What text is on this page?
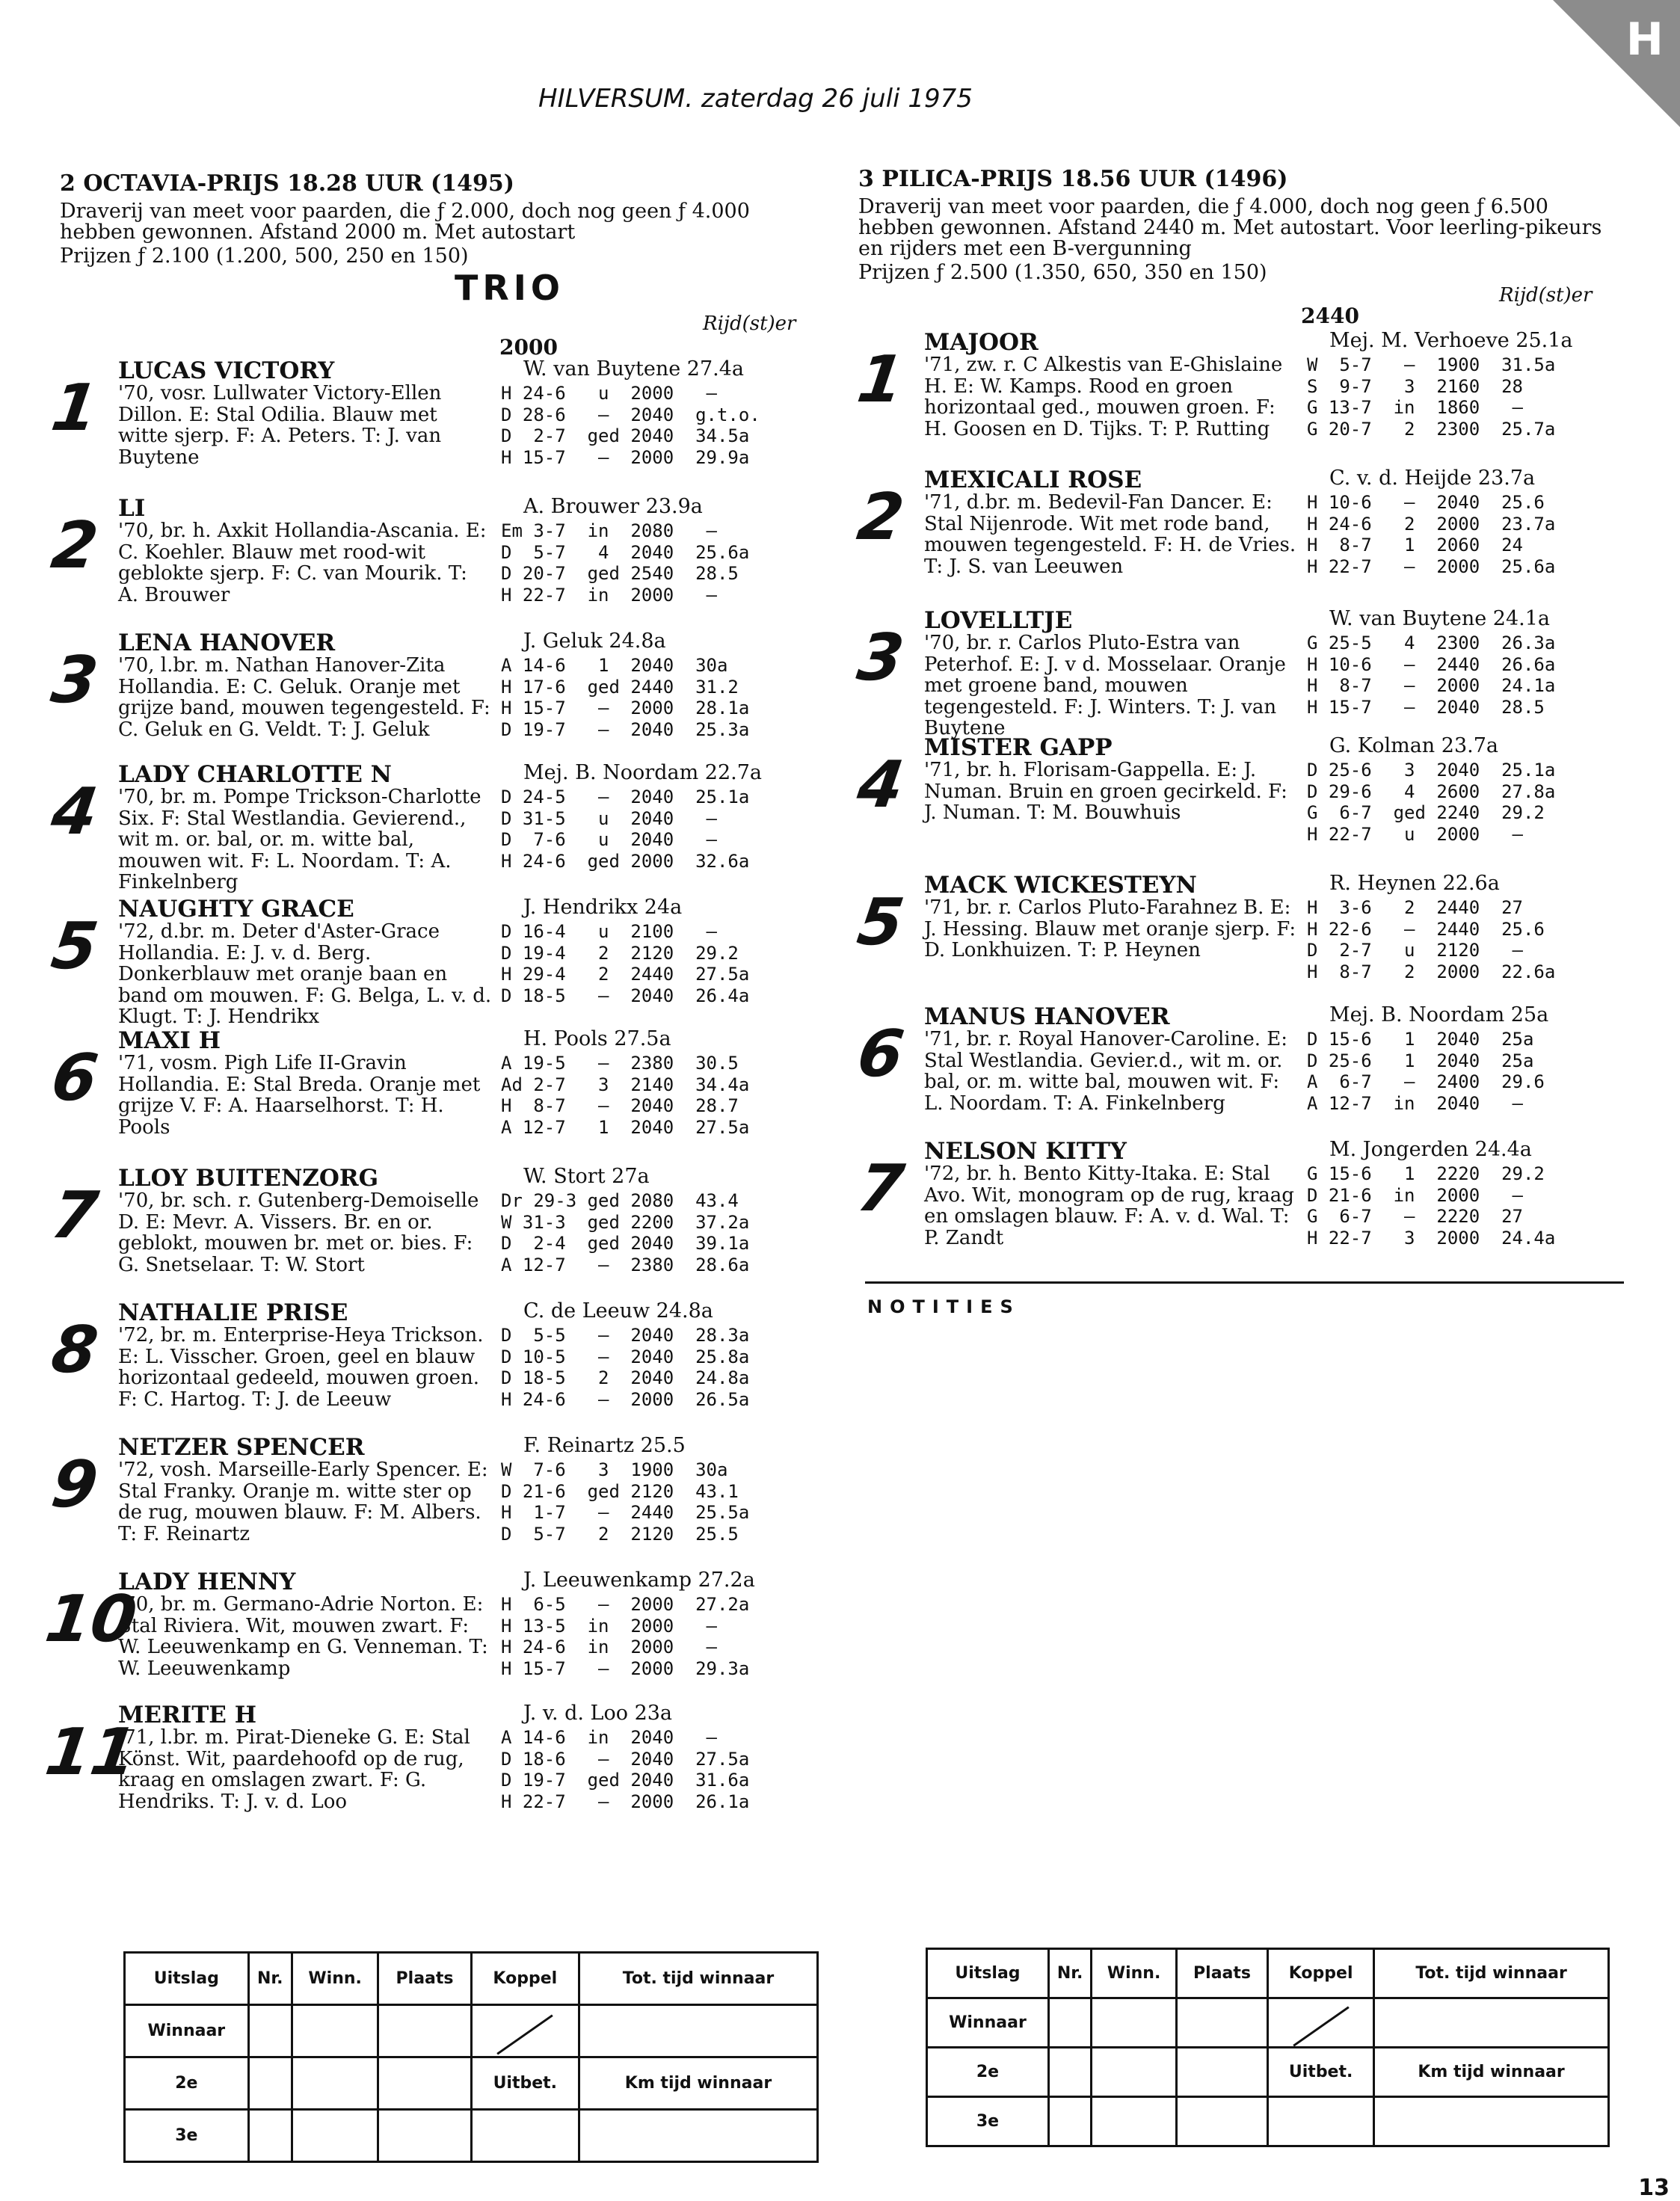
H
HILVERSUM. zaterdag 26 juli 1975
2 OCTAVIA-PRIJS 18.28 UUR (1495)
Draverij van meet voor paarden, die ƒ 2.000, doch nog geen ƒ 4.000 hebben gewonnen. Afstand 2000 m. Met autostart
Prijzen ƒ 2.100 (1.200, 500, 250 en 150)
TRIO
Rijd(st)er
2000
1 LUCAS VICTORY	W. van Buytene 27.4a
'70, vosr. Lullwater Victory-Ellen Dillon. E: Stal Odilia. Blauw met witte sjerp. F: A. Peters. T: J. van Buytene
H 24-6   u  2000   —
D 28-6   —  2040  g.t.o.
D  2-7  ged 2040  34.5a
H 15-7   —  2000  29.9a
2 LI	A. Brouwer 23.9a
'70, br. h. Axkit Hollandia-Ascania. E: C. Koehler. Blauw met rood-wit geblokte sjerp. F: C. van Mourik. T: A. Brouwer
Em 3-7  in  2080   —
D  5-7   4  2040  25.6a
D 20-7  ged 2540  28.5
H 22-7  in  2000   —
3 LENA HANOVER	J. Geluk 24.8a
'70, l.br. m. Nathan Hanover-Zita Hollandia. E: C. Geluk. Oranje met grijze band, mouwen tegengesteld. F: C. Geluk en G. Veldt. T: J. Geluk
A 14-6   1  2040  30a
H 17-6  ged 2440  31.2
H 15-7   —  2000  28.1a
D 19-7   —  2040  25.3a
4 LADY CHARLOTTE N	Mej. B. Noordam 22.7a
'70, br. m. Pompe Trickson-Charlotte Six. F: Stal Westlandia. Gevierend., wit m. or. bal, or. m. witte bal, mouwen wit. F: L. Noordam. T: A. Finkelnberg
D 24-5   —  2040  25.1a
D 31-5   u  2040   —
D  7-6   u  2040   —
H 24-6  ged 2000  32.6a
5 NAUGHTY GRACE	J. Hendrikx 24a
'72, d.br. m. Deter d'Aster-Grace Hollandia. E: J. v. d. Berg. Donkerblauw met oranje baan en band om mouwen. F: G. Belga, L. v. d. Klugt. T: J. Hendrikx
D 16-4   u  2100   —
D 19-4   2  2120  29.2
H 29-4   2  2440  27.5a
D 18-5   —  2040  26.4a
6 MAXI H	H. Pools 27.5a
'71, vosm. Pigh Life II-Gravin Hollandia. E: Stal Breda. Oranje met grijze V. F: A. Haarselhorst. T: H. Pools
A 19-5   —  2380  30.5
Ad 2-7   3  2140  34.4a
H  8-7   —  2040  28.7
A 12-7   1  2040  27.5a
7 LLOY BUITENZORG	W. Stort 27a
'70, br. sch. r. Gutenberg-Demoiselle D. E: Mevr. A. Vissers. Br. en or. geblokt, mouwen br. met or. bies. F: G. Snetselaar. T: W. Stort
Dr 29-3 ged 2080  43.4
W 31-3  ged 2200  37.2a
D  2-4  ged 2040  39.1a
A 12-7   —  2380  28.6a
8 NATHALIE PRISE	C. de Leeuw 24.8a
'72, br. m. Enterprise-Heya Trickson. E: L. Visscher. Groen, geel en blauw horizontaal gedeeld, mouwen groen. F: C. Hartog. T: J. de Leeuw
D  5-5   —  2040  28.3a
D 10-5   —  2040  25.8a
D 18-5   2  2040  24.8a
H 24-6   —  2000  26.5a
9 NETZER SPENCER	F. Reinartz 25.5
'72, vosh. Marseille-Early Spencer. E: Stal Franky. Oranje m. witte ster op de rug, mouwen blauw. F: M. Albers. T: F. Reinartz
W  7-6   3  1900  30a
D 21-6  ged 2120  43.1
H  1-7   —  2440  25.5a
D  5-7   2  2120  25.5
10
LADY HENNY	J. Leeuwenkamp 27.2a
'70, br. m. Germano-Adrie Norton. E: Stal Riviera. Wit, mouwen zwart. F: W. Leeuwenkamp en G. Venneman. T: W. Leeuwenkamp
H  6-5   —  2000  27.2a
H 13-5  in  2000   —
H 24-6  in  2000   —
H 15-7   —  2000  29.3a
11
MERITE H	J. v. d. Loo 23a
'71, l.br. m. Pirat-Dieneke G. E: Stal Könst. Wit, paardehoofd op de rug, kraag en omslagen zwart. F: G. Hendriks. T: J. v. d. Loo
A 14-6  in  2040   —
D 18-6   —  2040  27.5a
D 19-7  ged 2040  31.6a
H 22-7   —  2000  26.1a
3 PILICA-PRIJS 18.56 UUR (1496)
Draverij van meet voor paarden, die ƒ 4.000, doch nog geen ƒ 6.500 hebben gewonnen. Afstand 2440 m. Met autostart. Voor leerling-pikeurs en rijders met een B-vergunning
Prijzen ƒ 2.500 (1.350, 650, 350 en 150)
Rijd(st)er
2440
1 MAJOOR	Mej. M. Verhoeve 25.1a
'71, zw. r. C Alkestis van E-Ghislaine H. E: W. Kamps. Rood en groen horizontaal ged., mouwen groen. F: H. Goosen en D. Tijks. T: P. Rutting
W  5-7   —  1900  31.5a
S  9-7   3  2160  28
G 13-7  in  1860   —
G 20-7   2  2300  25.7a
2 MEXICALI ROSE	C. v. d. Heijde 23.7a
'71, d.br. m. Bedevil-Fan Dancer. E: Stal Nijenrode. Wit met rode band, mouwen tegengesteld. F: H. de Vries. T: J. S. van Leeuwen
H 10-6   —  2040  25.6
H 24-6   2  2000  23.7a
H  8-7   1  2060  24
H 22-7   —  2000  25.6a
3 LOVELLTJE	W. van Buytene 24.1a
'70, br. r. Carlos Pluto-Estra van Peterhof. E: J. v d. Mosselaar. Oranje met groene band, mouwen tegengesteld. F: J. Winters. T: J. van Buytene
G 25-5   4  2300  26.3a
H 10-6   —  2440  26.6a
H  8-7   —  2000  24.1a
H 15-7   —  2040  28.5
4 MISTER GAPP	G. Kolman 23.7a
'71, br. h. Florisam-Gappella. E: J. Numan. Bruin en groen gecirkeld. F: J. Numan. T: M. Bouwhuis
D 25-6   3  2040  25.1a
D 29-6   4  2600  27.8a
G  6-7  ged 2240  29.2
H 22-7   u  2000   —
5 MACK WICKESTEYN	R. Heynen 22.6a
'71, br. r. Carlos Pluto-Farahnez B. E: J. Hessing. Blauw met oranje sjerp. F: D. Lonkhuizen. T: P. Heynen
H  3-6   2  2440  27
H 22-6   —  2440  25.6
D  2-7   u  2120   —
H  8-7   2  2000  22.6a
6 MANUS HANOVER	Mej. B. Noordam 25a
'71, br. r. Royal Hanover-Caroline. E: Stal Westlandia. Gevier.d., wit m. or. bal, or. m. witte bal, mouwen wit. F: L. Noordam. T: A. Finkelnberg
D 15-6   1  2040  25a
D 25-6   1  2040  25a
A  6-7   —  2400  29.6
A 12-7  in  2040   —
7 NELSON KITTY	M. Jongerden 24.4a
'72, br. h. Bento Kitty-Itaka. E: Stal Avo. Wit, monogram op de rug, kraag en omslagen blauw. F: A. v. d. Wal. T: P. Zandt
G 15-6   1  2220  29.2
D 21-6  in  2000   —
G  6-7   —  2220  27
H 22-7   3  2000  24.4a
NOTITIES
Uitslag	Nr.	Winn.	Plaats	Koppel	Tot. tijd winnaar
Winnaar					
2e				Uitbet.	Km tijd winnaar
3e					
Uitslag	Nr.	Winn.	Plaats	Koppel	Tot. tijd winnaar
Winnaar					
2e				Uitbet.	Km tijd winnaar
3e					
13
